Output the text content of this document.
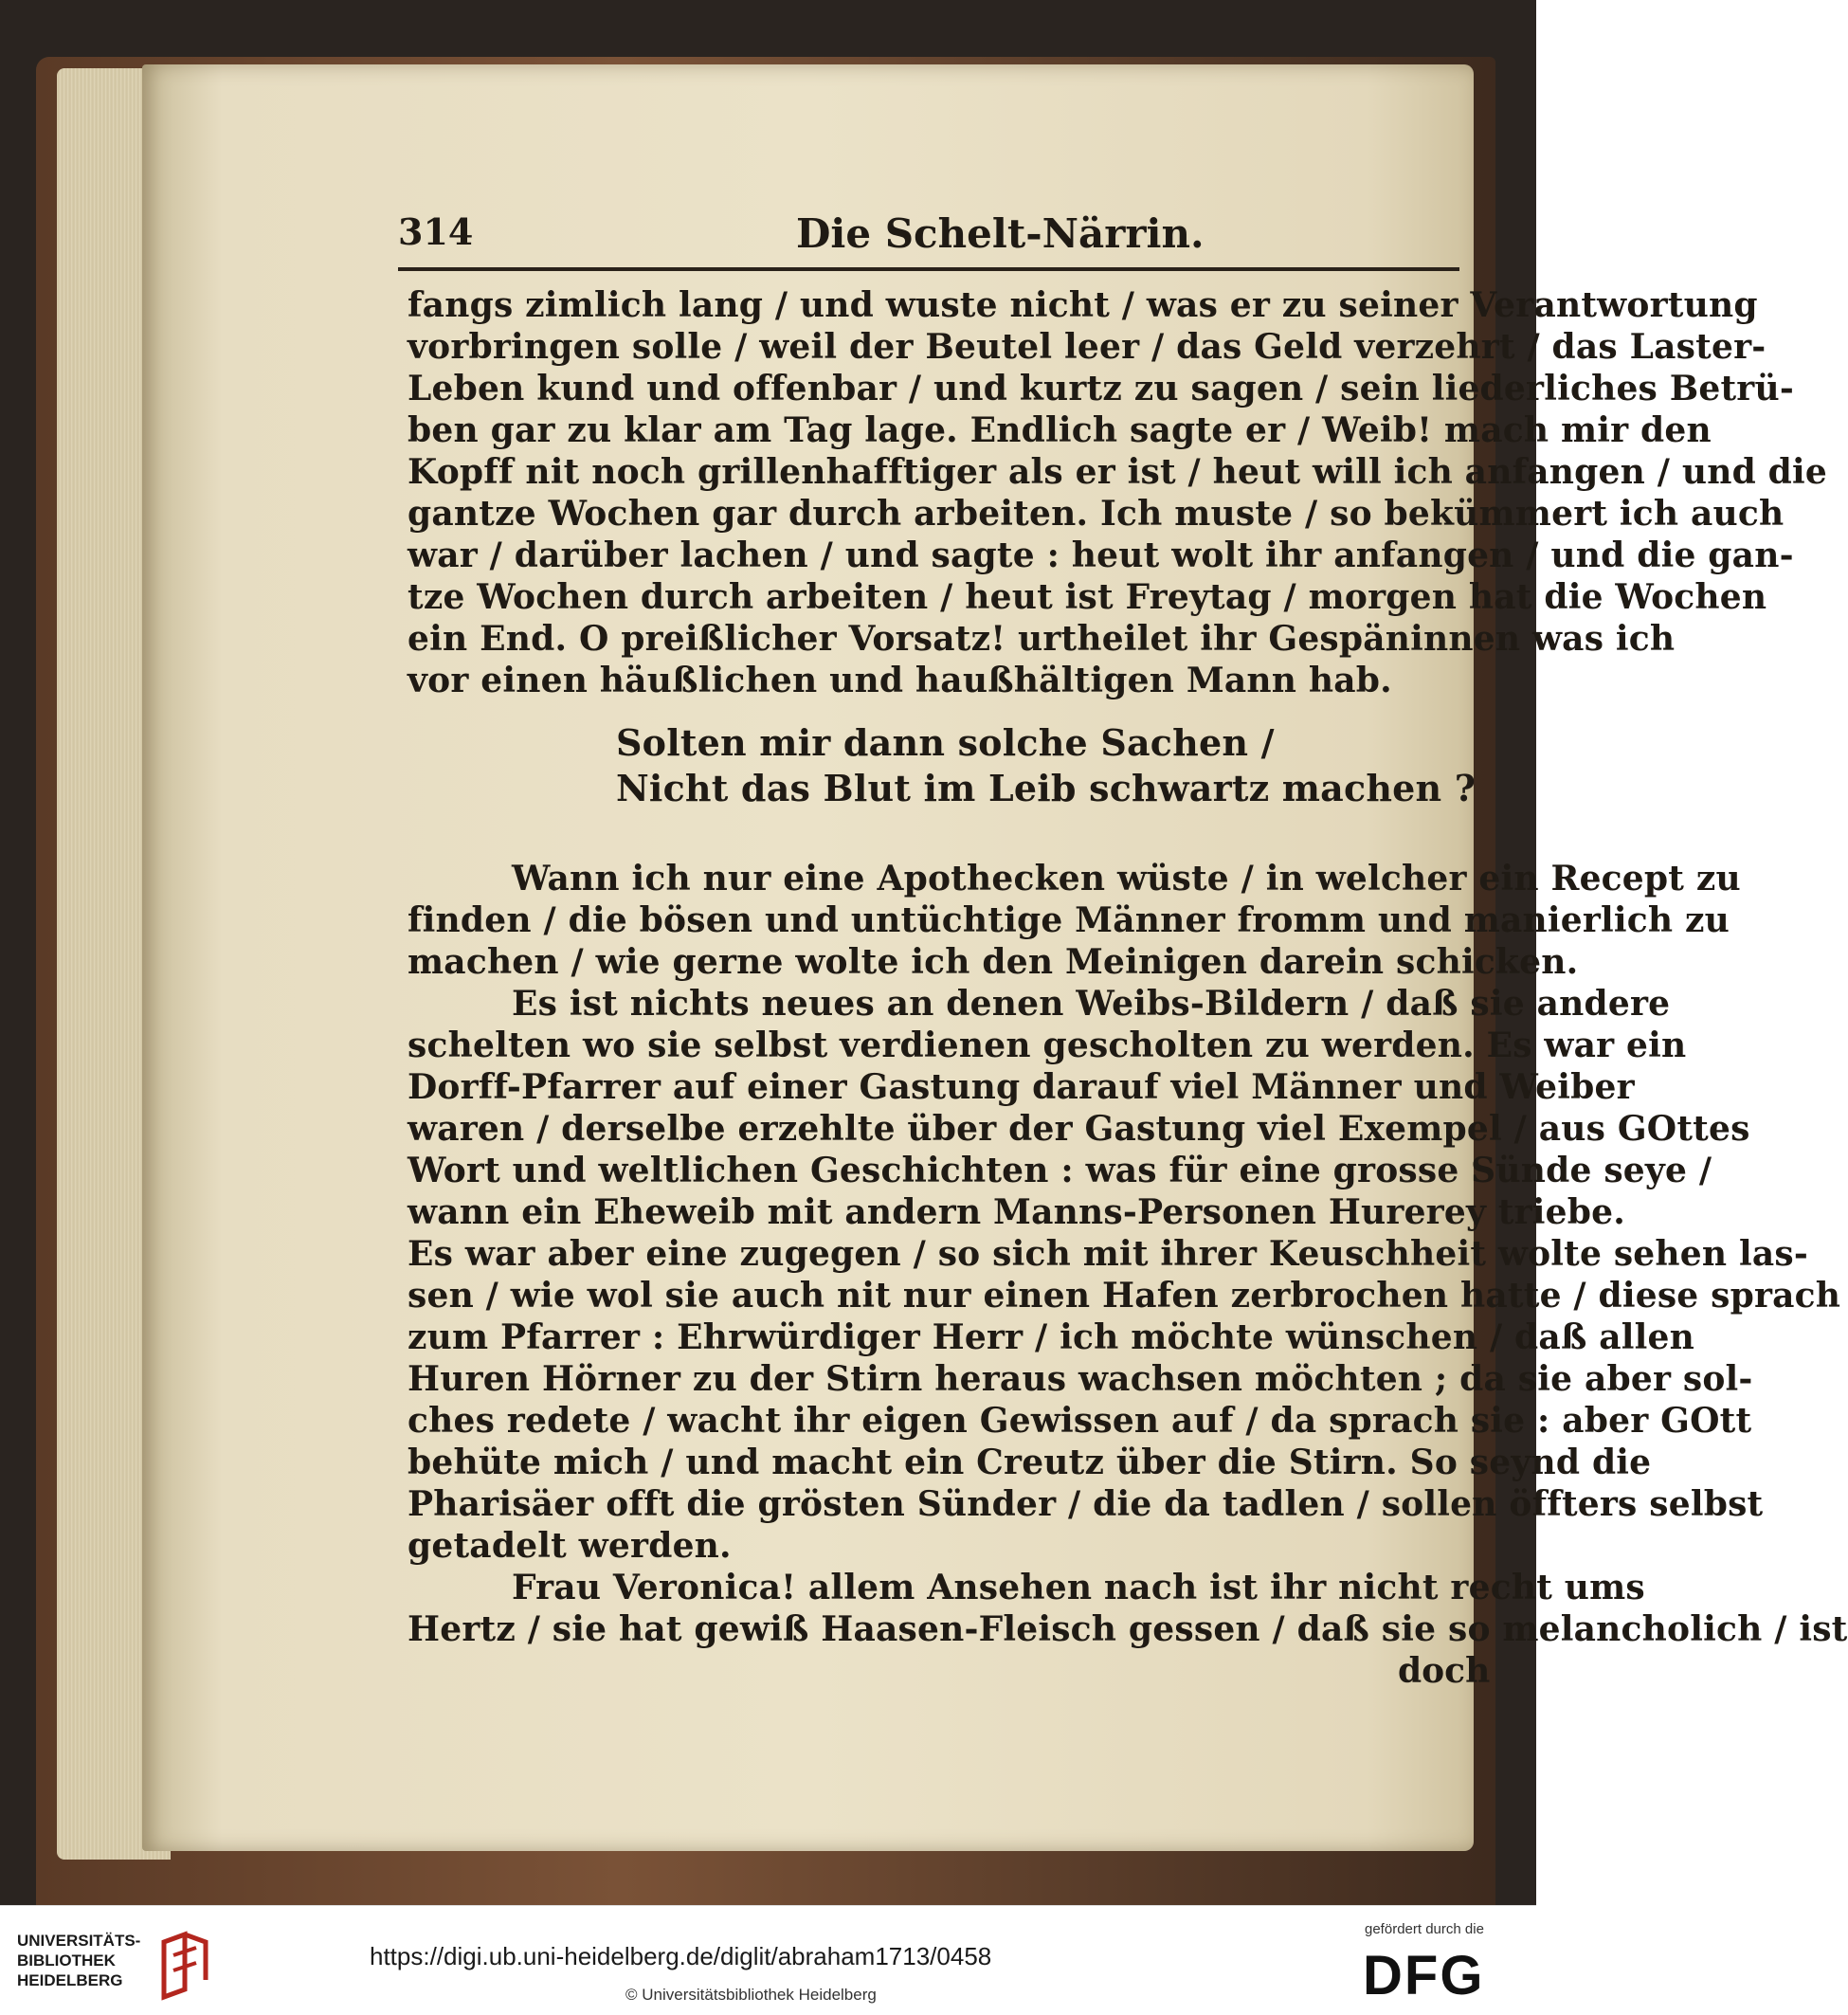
314	Die Schelt-Närrin.
fangs zimlich lang / und wuste nicht / was er zu seiner Verantwortung
vorbringen solle / weil der Beutel leer / das Geld verzehrt / das Laster-
Leben kund und offenbar / und kurtz zu sagen / sein liederliches Betrü-
ben gar zu klar am Tag lage. Endlich sagte er / Weib! mach mir den
Kopff nit noch grillenhafftiger als er ist / heut will ich anfangen / und die
gantze Wochen gar durch arbeiten. Ich muste / so bekümmert ich auch
war / darüber lachen / und sagte : heut wolt ihr anfangen / und die gan-
tze Wochen durch arbeiten / heut ist Freytag / morgen hat die Wochen
ein End. O preißlicher Vorsatz! urtheilet ihr Gespäninnen was ich
vor einen häußlichen und haußhältigen Mann hab.
Solten mir dann solche Sachen /
Nicht das Blut im Leib schwartz machen ?
Wann ich nur eine Apothecken wüste / in welcher ein Recept zu
finden / die bösen und untüchtige Männer fromm und manierlich zu
machen / wie gerne wolte ich den Meinigen darein schicken.
Es ist nichts neues an denen Weibs-Bildern / daß sie andere
schelten wo sie selbst verdienen gescholten zu werden. Es war ein
Dorff-Pfarrer auf einer Gastung darauf viel Männer und Weiber
waren / derselbe erzehlte über der Gastung viel Exempel / aus GOttes
Wort und weltlichen Geschichten : was für eine grosse Sünde seye /
wann ein Eheweib mit andern Manns-Personen Hurerey triebe.
Es war aber eine zugegen / so sich mit ihrer Keuschheit wolte sehen las-
sen / wie wol sie auch nit nur einen Hafen zerbrochen hatte / diese sprach
zum Pfarrer : Ehrwürdiger Herr / ich möchte wünschen / daß allen
Huren Hörner zu der Stirn heraus wachsen möchten ; da sie aber sol-
ches redete / wacht ihr eigen Gewissen auf / da sprach sie : aber GOtt
behüte mich / und macht ein Creutz über die Stirn. So seynd die
Pharisäer offt die grösten Sünder / die da tadlen / sollen öffters selbst
getadelt werden.
Frau Veronica! allem Ansehen nach ist ihr nicht recht ums
Hertz / sie hat gewiß Haasen-Fleisch gessen / daß sie so melancholich / ist
doch
UNIVERSITÄTS-
BIBLIOTHEK
HEIDELBERG
https://digi.ub.uni-heidelberg.de/diglit/abraham1713/0458
© Universitätsbibliothek Heidelberg
gefördert durch die
DFG
